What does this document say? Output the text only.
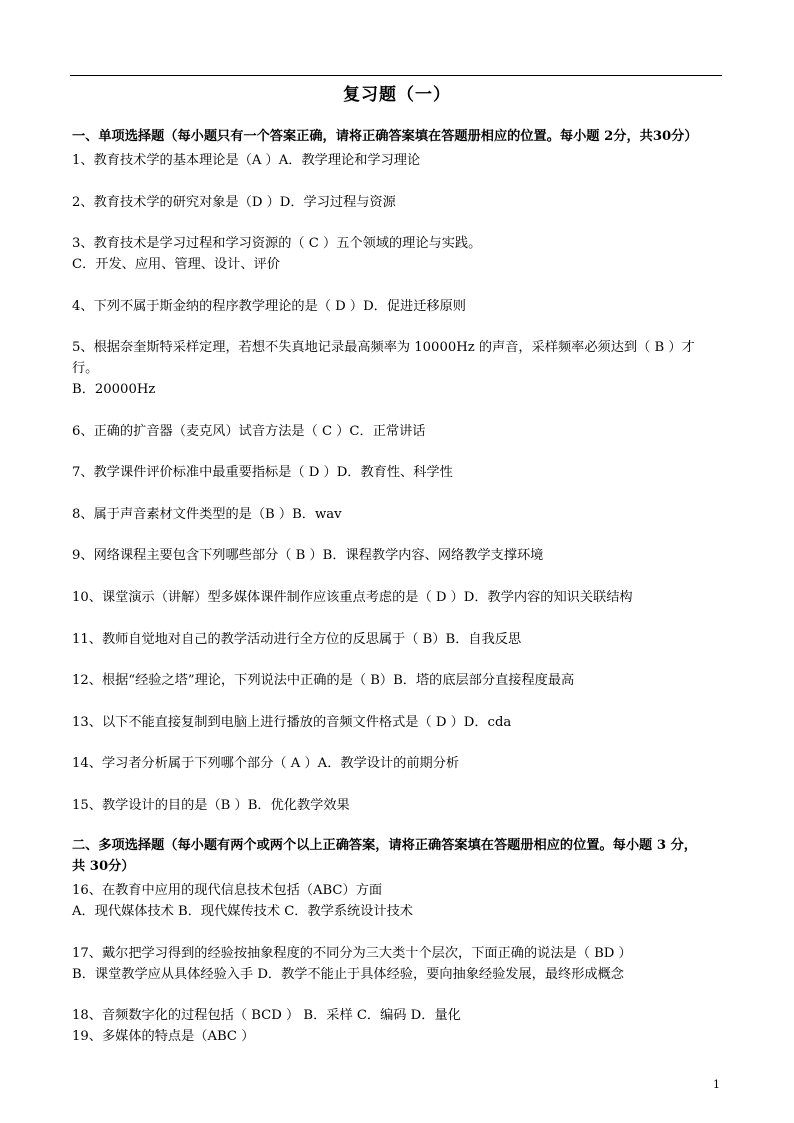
复习题（一）
一、单项选择题（每小题只有一个答案正确，请将正确答案填在答题册相应的位置。每小题 2分，共30分）
1、教育技术学的基本理论是（A ）A．教学理论和学习理论
2、教育技术学的研究对象是（D ）D．学习过程与资源
3、教育技术是学习过程和学习资源的（ C ）五个领域的理论与实践。
C．开发、应用、管理、设计、评价
4、下列不属于斯金纳的程序教学理论的是（ D ）D．促进迁移原则
5、根据奈奎斯特采样定理，若想不失真地记录最高频率为 10000Hz 的声音，采样频率必须达到（ B ）才
行。
B．20000Hz
6、正确的扩音器（麦克风）试音方法是（ C ）C．正常讲话
7、教学课件评价标准中最重要指标是（ D ）D．教育性、科学性
8、属于声音素材文件类型的是（B ）B．wav
9、网络课程主要包含下列哪些部分（ B ）B．课程教学内容、网络教学支撑环境
10、课堂演示（讲解）型多媒体课件制作应该重点考虑的是（ D ）D．教学内容的知识关联结构
11、教师自觉地对自己的教学活动进行全方位的反思属于（ B）B．自我反思
12、根据“经验之塔”理论，下列说法中正确的是（ B）B．塔的底层部分直接程度最高
13、以下不能直接复制到电脑上进行播放的音频文件格式是（ D ）D．cda
14、学习者分析属于下列哪个部分（ A ）A．教学设计的前期分析
15、教学设计的目的是（B ）B．优化教学效果
二、多项选择题（每小题有两个或两个以上正确答案，请将正确答案填在答题册相应的位置。每小题 3 分，
共 30分）
16、在教育中应用的现代信息技术包括（ABC）方面
A．现代媒体技术 B．现代媒传技术 C．教学系统设计技术
17、戴尔把学习得到的经验按抽象程度的不同分为三大类十个层次，下面正确的说法是（ BD ）
B．课堂教学应从具体经验入手 D．教学不能止于具体经验，要向抽象经验发展，最终形成概念
18、音频数字化的过程包括（ BCD ） B．采样 C．编码 D．量化
19、多媒体的特点是（ABC ）
1
